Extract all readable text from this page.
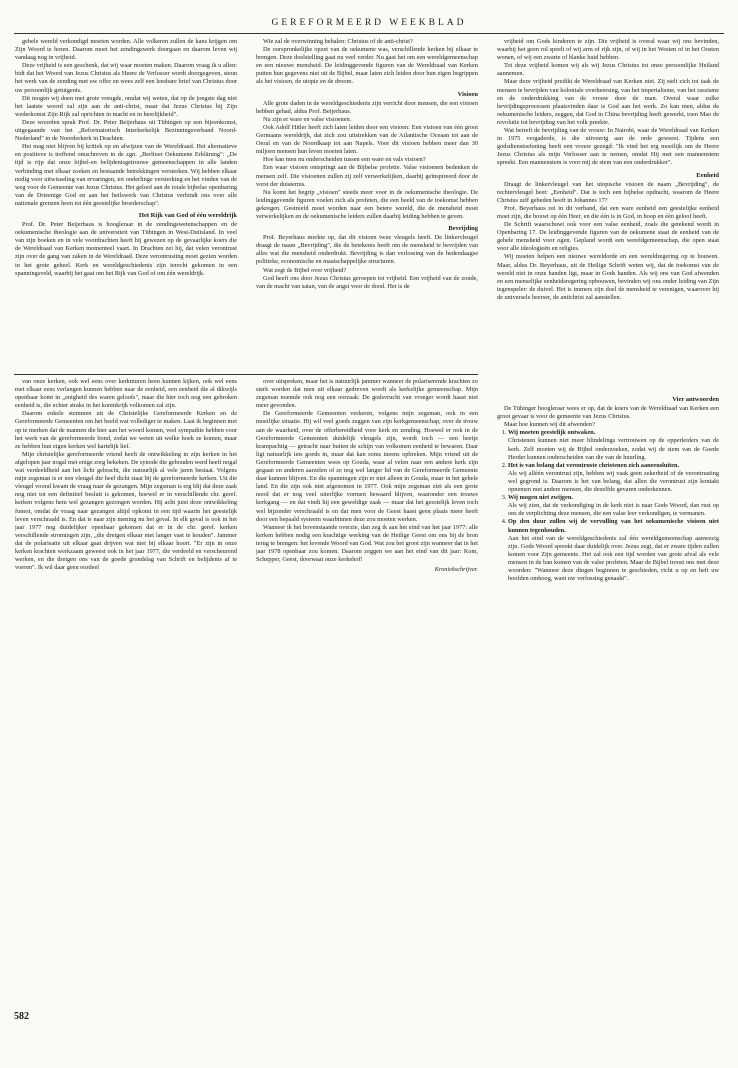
GEREFORMEERD WEEKBLAD

gehele wereld verkondigd moeten worden. Alle volkeren zullen de kans krijgen om Zijn Woord te horen. Daarom moet het zendingswerk doorgaan en daarom leven wij vandaag nog in vrijheid.

Deze vrijheid is een geschenk, dat wij waar moeten maken. Daarom vraag ik u allen: bidt dat het Woord van Jezus Christus als Heere de Verlosser wordt doorgegeven, steun het werk van de zending met uw offer en wees zelf een leesbare brief van Christus door uw persoonlijk getuigenis.

Dit mogen wij doen met grote vreugde, omdat wij weten, dat op de jongste dag niet het laatste woord zal zijn aan de anti-christ, maar dat Jezus Christus bij Zijn wederkomst Zijn Rijk zal oprichten in macht en in heerlijkheid".

Deze woorden sprak Prof. Dr. Peter Beijerhaus uit Tübingen op een bijeenkomst, uitgegaande van het „Reformatorisch Interkerkelijk Bezinningsverband Noord-Nederland" in de Noorderkerk in Drachten.

Het mag niet blijven bij kritiek op en afwijzen van de Wereldraad. Het alternatieve en positieve is treffend omschreven in de zgn. „Berliner Oekumene Erklärung": „De tijd is rijp dat onze bijbel-en belijdenisgetrouwe gemeenschappen in alle landen verbinding met elkaar zoeken en bestaande betrekkingen versterken. Wij hebben elkaar nodig voor uitwisseling van ervaringen, tot onderlinge versterking en het vinden van de weg voor de Gemeente van Jezus Christus. Het geloof aan de totale bijbelse openbaring van de Drieenige God en aan het heilswerk van Christus verbindt ons over alle nationale grenzen heen tot één geestelijke broederschap".

Het Rijk van God of één wereldrijk

Prof. Dr. Peter Beijerhaus is hoogleraar in de zendingswetenschappen en de oekumenische theologie aan de universiteit van Tübingen in West-Duitsland. In veel van zijn boeken en in vele voordrachten heeft hij gewezen op de gevaarlijke koers die de Wereldraad van Kerken momenteel vaart. In Drachten zei hij, dat velen verontrust zijn over de gang van zaken in de Wereldraad. Deze verontrusting moet gezien worden in het grote geheel. Kerk en wereldgeschiedenis zijn terecht gekomen in een spanningsveld, waarbij het gaat om het Rijk van God of om één wereldrijk.

Wie zal de overwinning behalen: Christus of de anti-christ?

De oorspronkelijke opzet van de oekumene was, verschillende kerken bij elkaar te brengen. Deze doelstelling gaat nu veel verder. Nu gaat het om een wereldgemeenschap en een nieuwe mensheid. De leidinggevende figuren van de Wereldraad van Kerken putten hun gegevens niet uit de Bijbel, maar laten zich leiden door hun eigen begrippen als het visioen, de utopie en de droom.

Visioen

Alle grote daden in de wereldgeschiedenis zijn verricht door mensen, die een visioen hebben gehad, aldus Prof. Beijerhaus.

Nu zijn er ware en valse visioenen.

Ook Adolf Hitler heeft zich laten leiden door een visioen: Een visioen van één groot Germaans wereldrijk, dat zich zou uitstrekken van de Atlantische Oceaan tot aan de Oeral en van de Noordkaap tot aan Napels. Voor dit visioen hebben meer dan 30 miljoen mensen hun leven moeten laten.

Hoe kan men nu onderscheiden tussen een ware en vals visioen?

Een waar visioen ontspringt aan de Bijbelse profetie. Valse visioenen bedenken de mensen zelf. Die visioenen zullen zij zelf verwerkelijken, daarbij geïnspireerd door de vorst der duisternis.

Nu komt het begrip „visioen" steeds meer voor in de oekumenische theologie. De leidinggevende figuren voelen zich als profeten, die een beeld van de toekomst hebben gekregen. Gestreefd moet worden naar een betere wereld, die de mensheid moet verwerkelijken en de oekumenische leiders zullen daarbij leiding hebben te geven.

Bevrijding

Prof. Beyerhaus merkte op, dat dit visioen twee vleugels heeft. De linkervleugel draagt de naam „Bevrijding", die de betekenis heeft om de mensheid te bevrijden van alles wat die mensheid onderdrukt. Bevrijding is dan verlossing van de hedendaagse politieke, economische en maatschappelijke structuren.

Wat zegt de Bijbel over vrijheid?

God heeft ons door Jezus Christus geroepen tot vrijheid. Een vrijheid van de zonde, van de macht van satan, van de angst voor de dood. Het is de

vrijheid om Gods kinderen te zijn. Die vrijheid is overal waar wij ons bevinden, waarbij het geen rol speelt of wij arm of rijk zijn, of wij in het Westen of in het Oosten wonen, of wij een zwarte of blanke huid hebben.

Tot deze vrijheid komen wij als wij Jezus Christus tot onze persoonlijke Heiland aannemen.

Maar deze vrijheid predikt de Wereldraad van Kerken niet. Zij stelt zich tot taak de mensen te bevrijden van koloniale overheersing, van het imperialisme, van het rassisme en de onderdrukking van de vrouw door de man. Overal waar zulke bevrijdingsprocessen plaatsvinden daar is God aan het werk. Zo kan men, aldus de oekumenische leiders, zeggen, dat God in China bevrijding heeft gewerkt, toen Mao de revolutie tot bevrijding van het volk preekte.

Wat betreft de bevrijding van de vrouw: In Nairobi, waar de Wereldraad van Kerken in 1975 vergaderde, is die uitvoerig aan de orde geweest. Tijdens een godsdienstoefening heeft een vrouw gezegd: "Ik vind het erg moeilijk om de Heere Jezus Christus als mijn Verlosser aan te nemen, omdat Hij met een mannenstem spreekt. Een mannenstem is voor mij de stem van een onderdrukker".

Eenheid

Draagt de linkervleugel van het utopische visioen de naam „Bevrijding", de rechtervleugel heet: „Eenheid". Dat is toch een bijbelse opdracht, waarom de Heere Christus zelf gebeden heeft in Johannes 17?

Prof. Beyerhaus zei in dit verband, dat een ware eenheid een geestelijke eenheid moet zijn, die bouwt op één Heer, en die één is in God, in hoop en één geloof heeft.

De Schrift waarschuwt ook voor een valse eenheid, zoals die getekend wordt in Openbaring 17. De leidinggevende figuren van de oekumene staat de eenheid van de gehele mensheid voor ogen. Gepland wordt een wereldgemeenschap, die open staat voor alle ideologieën en religies.

Wij moeten helpen een nieuwe wereldorde en een wereldregering op te bouwen. Maar, aldus Dr. Beyerhaus, uit de Heilige Schrift weten wij, dat de toekomst van de wereld niet in onze handen ligt, maar in Gods handen. Als wij ons van God afwenden en een menselijke eenheidsregering opbouwen, bevinden wij ons onder leiding van Zijn tegenspeler: de duivel. Het is immers zijn doel de mensheid te verenigen, waarover hij de universele heerser, de antichrist zal aanstellen.

van onze kerken, ook wel eens over kerkmuren heen kunnen kijken, ook wel eens met elkaar eens verlangen kunnen hebben naar de eenheid, een eenheid die al dikwijls openbaar komt in „enigheid des waren geloofs", maar die hier toch nog een gebroken eenheid is, die echter straks in het koninkrijk volkomen zal zijn.

Daarom enkele stemmen uit de Christelijke Gereformeerde Kerken en de Gereformeerde Gemeenten om het beeld wat vollediger te maken. Laat ik beginnen met op te merken dat de mannen die hier aan het woord komen, veel sympathie hebben voor het werk van de gereformeerde bond, zodat we weten uit welke hoek ze komen, maar ze hebben hun eigen kerken wel hartelijk lief.

Mijn christelijke gereformeerde vriend heeft de ontwikkeling in zijn kerken in het afgelopen jaar nogal met enige zorg bekeken. De synode die gehouden werd heeft nogal wat verdeeldheid aan het licht gebracht, die natuurlijk al vele jaren bestaat. Volgens mijn zegsman is er een vleugel die heel dicht staat bij de gereformeerde kerken. Uit die vleugel vooral kwam de vraag naar de gezangen. Mijn zegsman is erg blij dat deze zaak nog niet tot een definitief besluit is gekomen, hoewel er in verschillende chr. geref. kerken volgens hem wel gezangen gezongen worden. Hij acht juist deze ontwikkeling funest, omdat de vraag naar gezangen altijd opkomt in een tijd waarin het geestelijk leven verschraald is. En dat is naar zijn mening nu het geval. In elk geval is ook in het jaar 1977 nog duidelijker openbaar gekomen dat er in de chr. geref. kerken verschillende stromingen zijn, „die dreigen elkaar niet langer vast te houden". Jammer dat de polarisatie uit elkaar gaat drijven wat niet bij elkaar hoort. "Er zijn in onze kerken krachten werkzaam geweest ook in het jaar 1977, die verdeeld en verscheurend werken, en die dreigen ons van de goede grondslag van Schrift en belijdenis af te voeren". Ik wil daar geen oordeel

over uitspreken, maar het is natuurlijk jammer wanneer de polariserende krachten zo sterk worden dat men uit elkaar gedreven wordt als kerkelijke gemeenschap. Mijn zegsman noemde ook nog een oorzaak: De godsvrucht van vroeger wordt haast niet meer gevonden.

De Gereformeerde Gemeenten verkeren, volgens mijn zegsman, ook in een moeilijke situatie. Hij wil veel goeds zeggen van zijn kerkgemeenschap, over de trouw aan de waarheid, over de offerbereidheid voor kerk en zending. Hoewel er ook in de Gereformeerde Gemeenten duidelijk vleugels zijn, wordt toch — een beetje krampachtig — getracht naar buiten de schijn van volkomen eenheid te bewaren. Daar ligt natuurlijk iets goeds in, maar dat kan soms ineens opbreken. Mijn vriend uit de Gereformeerde Gemeenten wees op Gouda, waar al velen naar een andere kerk zijn gegaan en anderen aarzelen of ze nog wel langer lid van de Gereformeerde Gemeente daar kunnen blijven. En die spanningen zijn er niet alleen in Gouda, maar in het gehele land. En die zijn ook niet afgenomen in 1977. Ook mijn zegsman ziet als een grote nood dat er nog veel uiterlijke vormen bewaard blijven, waaronder een trouwe kerkgang — en dat vindt hij een geweldige zaak — maar dat het geestelijk leven toch wel bijzonder verschraald is en dat men voor de Geest haast geen plaats meer heeft door een bepaald systeem waarbinnen deze zou moeten werken.

Wanneer ik het bovenstaande overzie, dan zeg ik aan het eind van het jaar 1977: alle kerken hebben nodig een krachtige werking van de Heilige Geest om ons bij de bron terug te brengen: het levende Woord van God. Wat zou het groot zijn wanneer dat in het jaar 1978 openbaar zou komen. Daarom zeggen we aan het eind van dit jaar: Kom, Schepper, Geest, doorwaai onze kerkehof!

Kroniekschrijver.
Vier antwoorden

De Tübinger hoogleraar wees er op, dat de koers van de Wereldraad van Kerken een groot gevaar is voor de gemeente van Jezus Christus.

Maar hoe kunnen wij dit afwenden?

1. Wij moeten geestelijk ontwaken.
Christenen kunnen niet meer blindelings vertrouwen op de opperleiders van de kerk. Zelf moeten wij de Bijbel onderzoeken, zodat wij de stem van de Goede Herder kunnen onderscheiden van die van de huurling.
2. Het is van belang dat verontruste christenen zich aaneensluiten.
Als wij alléén verontrust zijn, hebben wij vaak geen zekerheid of de verontrusting wel gegrond is. Daarom is het van belang, dat allen die verontrust zijn kontakt opnemen met andere mensen, die dezelfde gevaren onderkennen.
3. Wij mogen niet zwijgen.
Als wij zien, dat de verkondiging in de kerk niet is naar Gods Woord, dan rust op ons de verplichting deze mensen, die een valse leer verkondigen, te vermanen.
4. Op den duur zullen wij de vervulling van het oekumenische visioen niet kunnen tegenhouden.
Aan het eind van de wereldgeschiedenis zal één wereldgemeenschap aanwezig zijn. Gods Woord spreekt daar duidelijk over. Jezus zegt, dat er zware tijden zullen komen voor Zijn gemeente. Het zal ook een tijd worden van grote afval als vele mensen in de ban komen van de valse profeten. Maar de Bijbel troost ons met deze woorden: "Wanneer deze dingen beginnen te geschieden, richt u op en heft uw hoofden omhoog, want uw verlossing genaakt".
582
